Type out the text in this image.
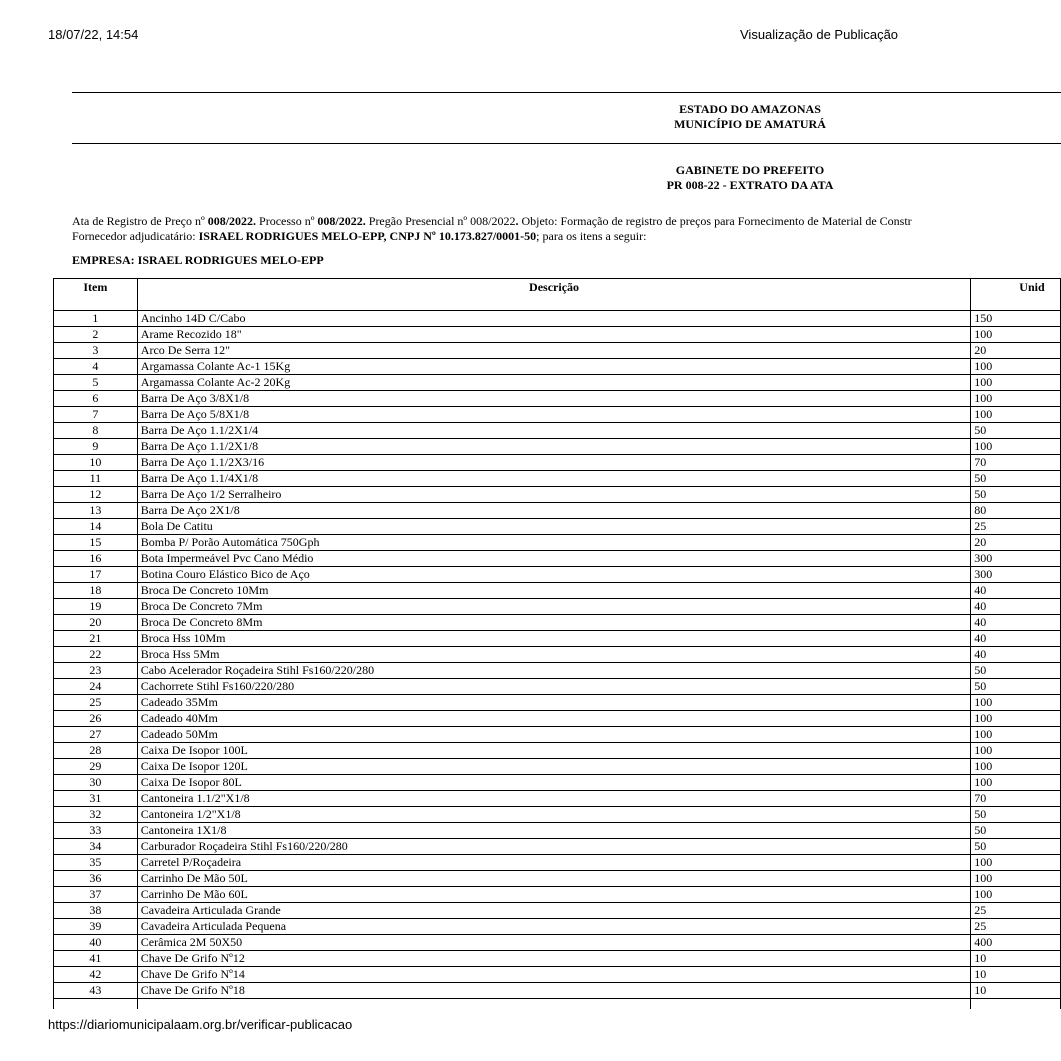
18/07/22, 14:54	Visualização de Publicação
ESTADO DO AMAZONAS
MUNICÍPIO DE AMATURÁ
GABINETE DO PREFEITO
PR 008-22 - EXTRATO DA ATA
Ata de Registro de Preço nº 008/2022. Processo nº 008/2022. Pregão Presencial nº 008/2022. Objeto: Formação de registro de preços para Fornecimento de Material de Constr
Fornecedor adjudicatário: ISRAEL RODRIGUES MELO-EPP, CNPJ Nº 10.173.827/0001-50; para os itens a seguir:
EMPRESA: ISRAEL RODRIGUES MELO-EPP
Item	Descrição	Unid
1	Ancinho 14D C/Cabo	150
2	Arame Recozido 18"	100
3	Arco De Serra 12"	20
4	Argamassa Colante Ac-1 15Kg	100
5	Argamassa Colante Ac-2 20Kg	100
6	Barra De Aço 3/8X1/8	100
7	Barra De Aço 5/8X1/8	100
8	Barra De Aço 1.1/2X1/4	50
9	Barra De Aço 1.1/2X1/8	100
10	Barra De Aço 1.1/2X3/16	70
11	Barra De Aço 1.1/4X1/8	50
12	Barra De Aço 1/2 Serralheiro	50
13	Barra De Aço 2X1/8	80
14	Bola De Catitu	25
15	Bomba P/ Porão Automática 750Gph	20
16	Bota Impermeável Pvc Cano Médio	300
17	Botina Couro Elástico Bico de Aço	300
18	Broca De Concreto 10Mm	40
19	Broca De Concreto 7Mm	40
20	Broca De Concreto 8Mm	40
21	Broca Hss 10Mm	40
22	Broca Hss 5Mm	40
23	Cabo Acelerador Roçadeira Stihl Fs160/220/280	50
24	Cachorrete Stihl Fs160/220/280	50
25	Cadeado 35Mm	100
26	Cadeado 40Mm	100
27	Cadeado 50Mm	100
28	Caixa De Isopor 100L	100
29	Caixa De Isopor 120L	100
30	Caixa De Isopor 80L	100
31	Cantoneira 1.1/2"X1/8	70
32	Cantoneira 1/2"X1/8	50
33	Cantoneira 1X1/8	50
34	Carburador Roçadeira Stihl Fs160/220/280	50
35	Carretel P/Roçadeira	100
36	Carrinho De Mão 50L	100
37	Carrinho De Mão 60L	100
38	Cavadeira Articulada Grande	25
39	Cavadeira Articulada Pequena	25
40	Cerâmica 2M 50X50	400
41	Chave De Grifo Nº12	10
42	Chave De Grifo Nº14	10
43	Chave De Grifo Nº18	10

https://diariomunicipalaam.org.br/verificar-publicacao
